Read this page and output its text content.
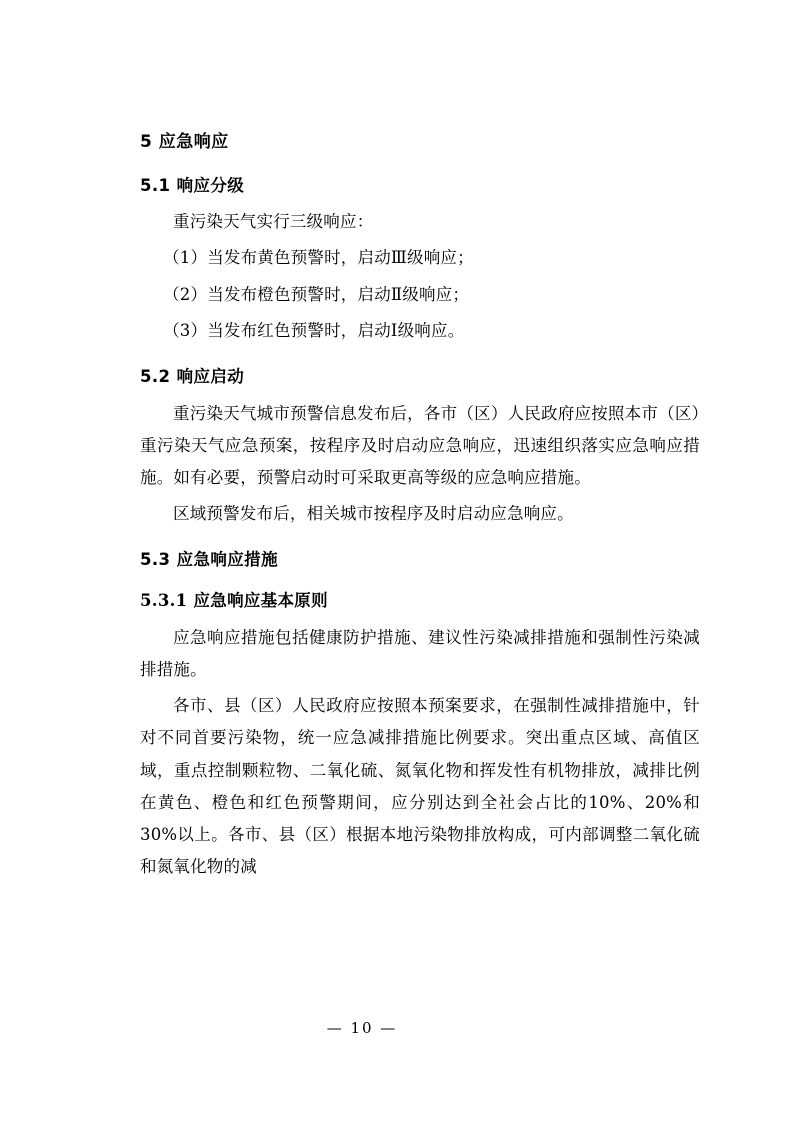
5 应急响应
5.1 响应分级

重污染天气实行三级响应：

（1）当发布黄色预警时，启动Ⅲ级响应；

（2）当发布橙色预警时，启动Ⅱ级响应；

（3）当发布红色预警时，启动Ⅰ级响应。

5.2 响应启动

重污染天气城市预警信息发布后，各市（区）人民政府应按照本市（区）重污染天气应急预案，按程序及时启动应急响应，迅速组织落实应急响应措施。如有必要，预警启动时可采取更高等级的应急响应措施。

区域预警发布后，相关城市按程序及时启动应急响应。

5.3 应急响应措施
5.3.1 应急响应基本原则

应急响应措施包括健康防护措施、建议性污染减排措施和强制性污染减排措施。

各市、县（区）人民政府应按照本预案要求，在强制性减排措施中，针对不同首要污染物，统一应急减排措施比例要求。突出重点区域、高值区域，重点控制颗粒物、二氧化硫、氮氧化物和挥发性有机物排放，减排比例在黄色、橙色和红色预警期间，应分别达到全社会占比的10%、20%和30%以上。各市、县（区）根据本地污染物排放构成，可内部调整二氧化硫和氮氧化物的减

— 10 —
